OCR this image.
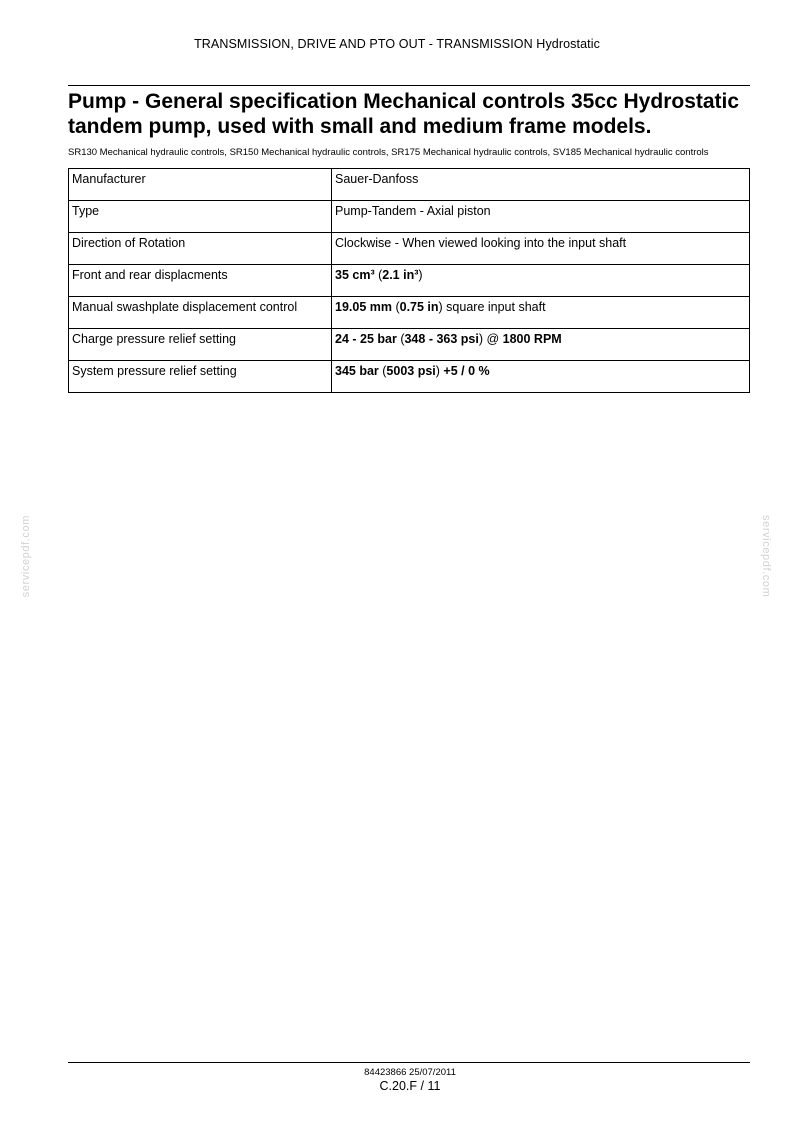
TRANSMISSION, DRIVE AND PTO OUT - TRANSMISSION Hydrostatic
Pump - General specification Mechanical controls 35cc Hydrostatic tandem pump, used with small and medium frame models.
SR130 Mechanical hydraulic controls, SR150 Mechanical hydraulic controls, SR175 Mechanical hydraulic controls, SV185 Mechanical hydraulic controls
Manufacturer	Sauer-Danfoss
Type	Pump-Tandem - Axial piston
Direction of Rotation	Clockwise - When viewed looking into the input shaft
Front and rear displacments	35 cm³ (2.1 in³)
Manual swashplate displacement control	19.05 mm (0.75 in) square input shaft
Charge pressure relief setting	24 - 25 bar (348 - 363 psi) @ 1800 RPM
System pressure relief setting	345 bar (5003 psi) +5 / 0 %
servicepdf.com	servicepdf.com
84423866 25/07/2011
C.20.F / 11
